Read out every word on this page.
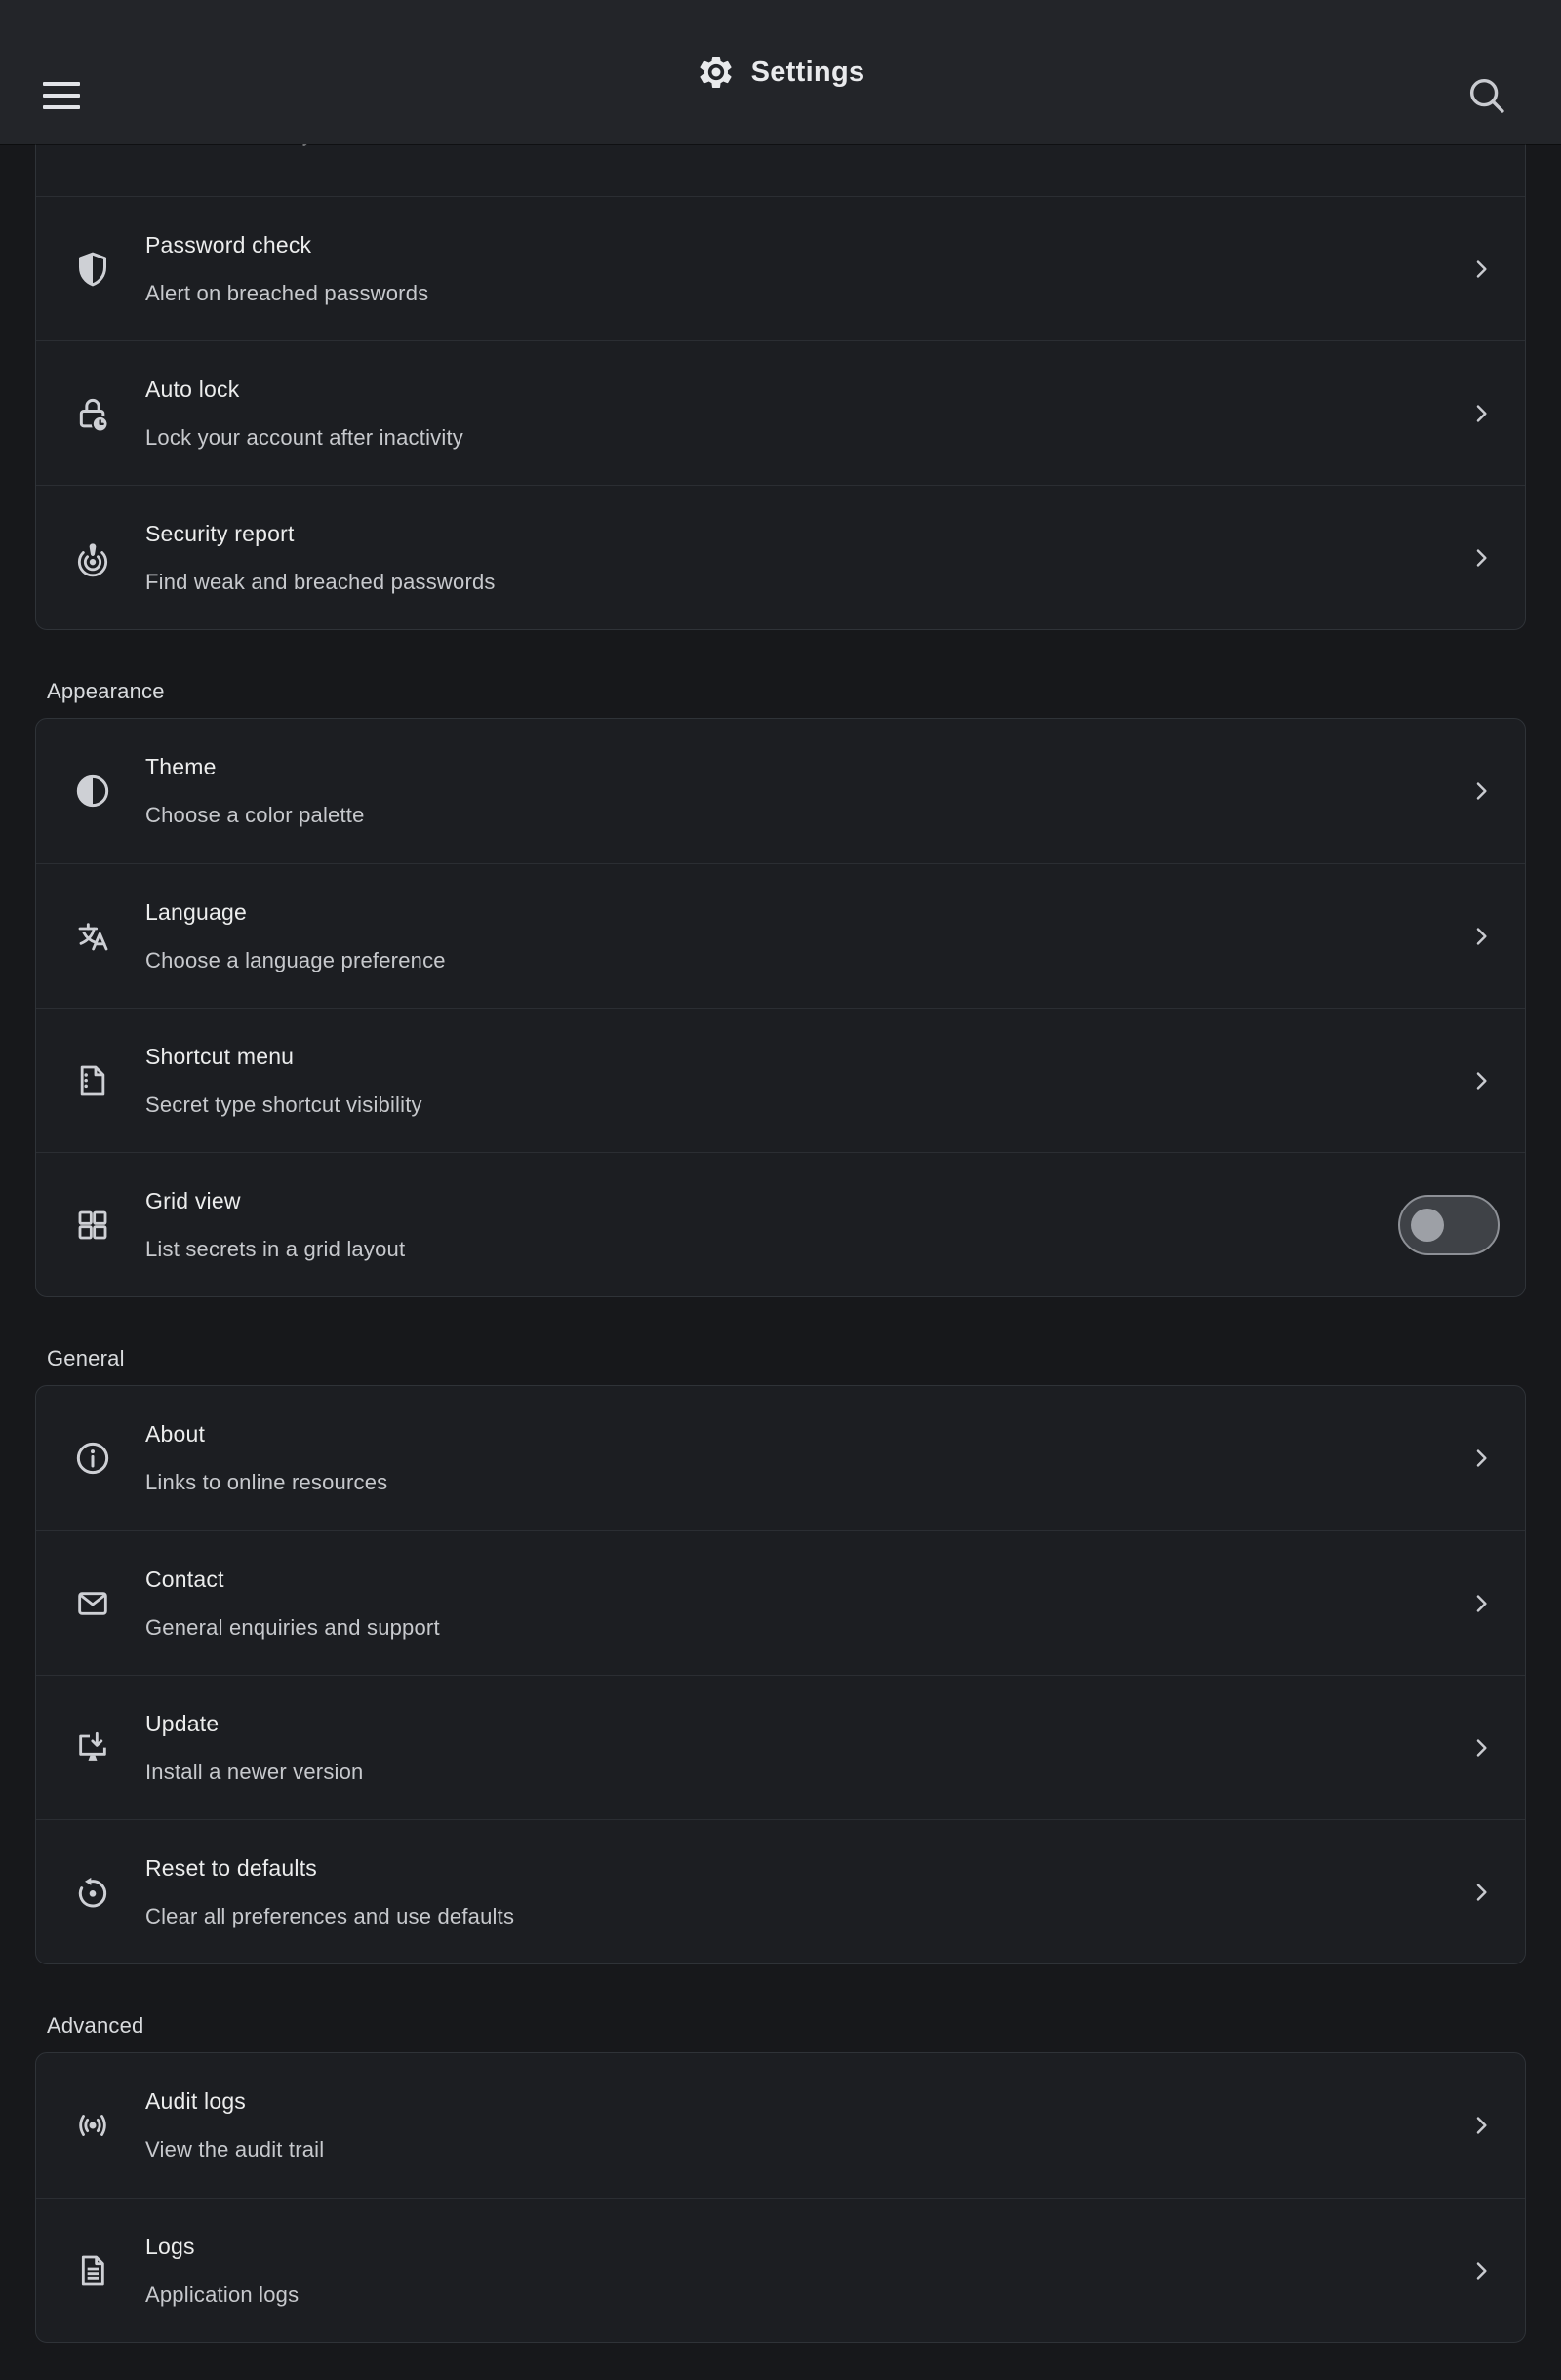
Settings
Password check
Alert on breached passwords
Auto lock
Lock your account after inactivity
Security report
Find weak and breached passwords
Appearance
Theme
Choose a color palette
Language
Choose a language preference
Shortcut menu
Secret type shortcut visibility
Grid view
List secrets in a grid layout
General
About
Links to online resources
Contact
General enquiries and support
Update
Install a newer version
Reset to defaults
Clear all preferences and use defaults
Advanced
Audit logs
View the audit trail
Logs
Application logs
